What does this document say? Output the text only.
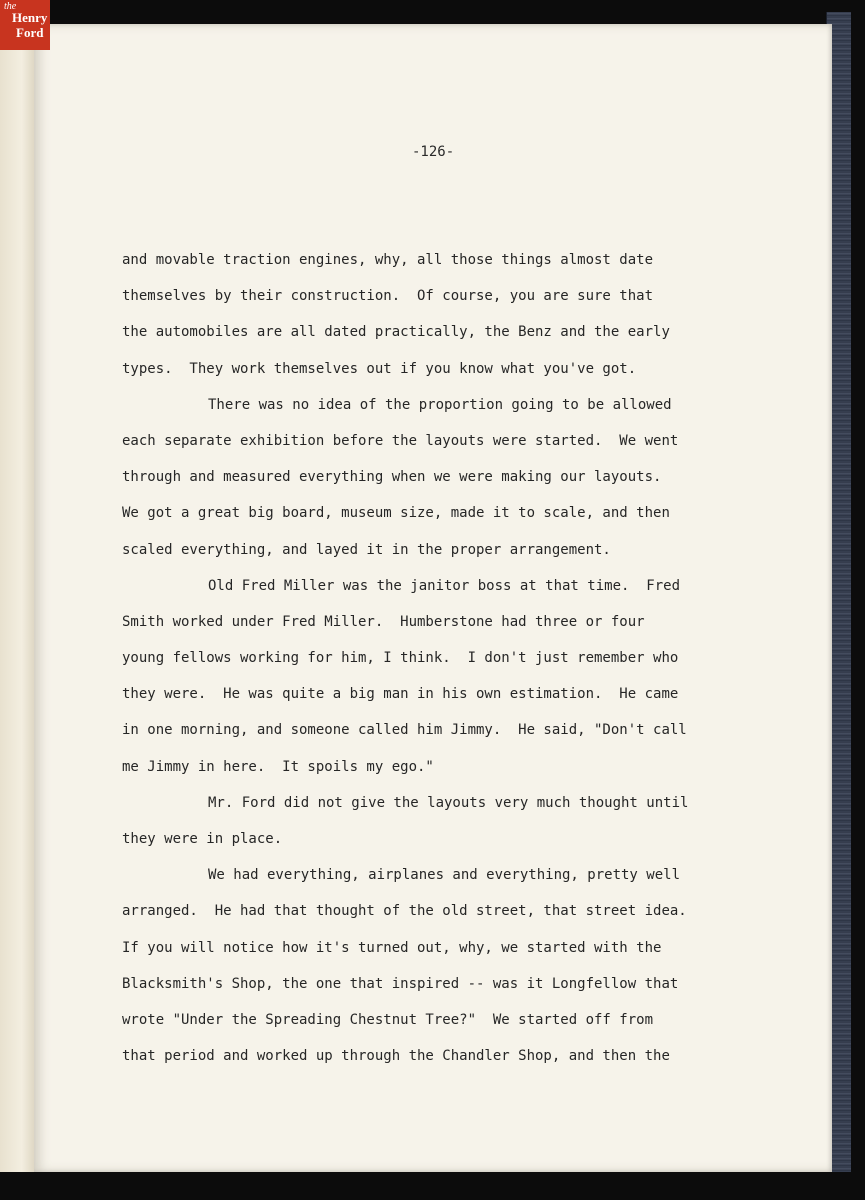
-126-
and movable traction engines, why, all those things almost date
themselves by their construction.  Of course, you are sure that
the automobiles are all dated practically, the Benz and the early
types.  They work themselves out if you know what you've got.
There was no idea of the proportion going to be allowed
each separate exhibition before the layouts were started.  We went
through and measured everything when we were making our layouts.
We got a great big board, museum size, made it to scale, and then
scaled everything, and layed it in the proper arrangement.
Old Fred Miller was the janitor boss at that time.  Fred
Smith worked under Fred Miller.  Humberstone had three or four
young fellows working for him, I think.  I don't just remember who
they were.  He was quite a big man in his own estimation.  He came
in one morning, and someone called him Jimmy.  He said, "Don't call
me Jimmy in here.  It spoils my ego."
Mr. Ford did not give the layouts very much thought until
they were in place.
We had everything, airplanes and everything, pretty well
arranged.  He had that thought of the old street, that street idea.
If you will notice how it's turned out, why, we started with the
Blacksmith's Shop, the one that inspired -- was it Longfellow that
wrote "Under the Spreading Chestnut Tree?"  We started off from
that period and worked up through the Chandler Shop, and then the
the
Henry
Ford
